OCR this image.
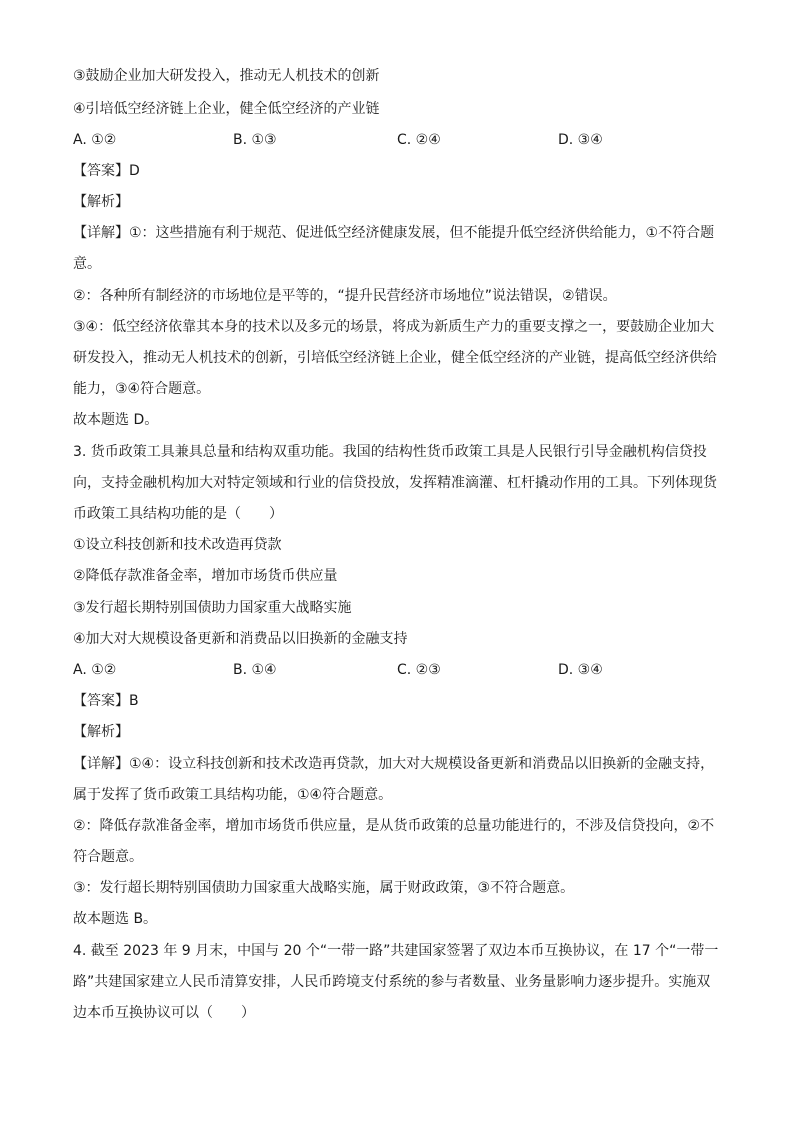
③鼓励企业加大研发投入，推动无人机技术的创新
④引培低空经济链上企业，健全低空经济的产业链
A. ①②	B. ①③	C. ②④	D. ③④
【答案】D
【解析】
【详解】①：这些措施有利于规范、促进低空经济健康发展，但不能提升低空经济供给能力，①不符合题
意。
②：各种所有制经济的市场地位是平等的，“提升民营经济市场地位”说法错误，②错误。
③④：低空经济依靠其本身的技术以及多元的场景，将成为新质生产力的重要支撑之一，要鼓励企业加大
研发投入，推动无人机技术的创新，引培低空经济链上企业，健全低空经济的产业链，提高低空经济供给
能力，③④符合题意。
故本题选 D。
3. 货币政策工具兼具总量和结构双重功能。我国的结构性货币政策工具是人民银行引导金融机构信贷投
向，支持金融机构加大对特定领域和行业的信贷投放，发挥精准滴灌、杠杆撬动作用的工具。下列体现货
币政策工具结构功能的是（　　）
①设立科技创新和技术改造再贷款
②降低存款准备金率，增加市场货币供应量
③发行超长期特别国债助力国家重大战略实施
④加大对大规模设备更新和消费品以旧换新的金融支持
A. ①②	B. ①④	C. ②③	D. ③④
【答案】B
【解析】
【详解】①④：设立科技创新和技术改造再贷款，加大对大规模设备更新和消费品以旧换新的金融支持，
属于发挥了货币政策工具结构功能，①④符合题意。
②：降低存款准备金率，增加市场货币供应量，是从货币政策的总量功能进行的，不涉及信贷投向，②不
符合题意。
③：发行超长期特别国债助力国家重大战略实施，属于财政政策，③不符合题意。
故本题选 B。
4. 截至 2023 年 9 月末，中国与 20 个“一带一路”共建国家签署了双边本币互换协议，在 17 个“一带一
路”共建国家建立人民币清算安排，人民币跨境支付系统的参与者数量、业务量影响力逐步提升。实施双
边本币互换协议可以（　　）
